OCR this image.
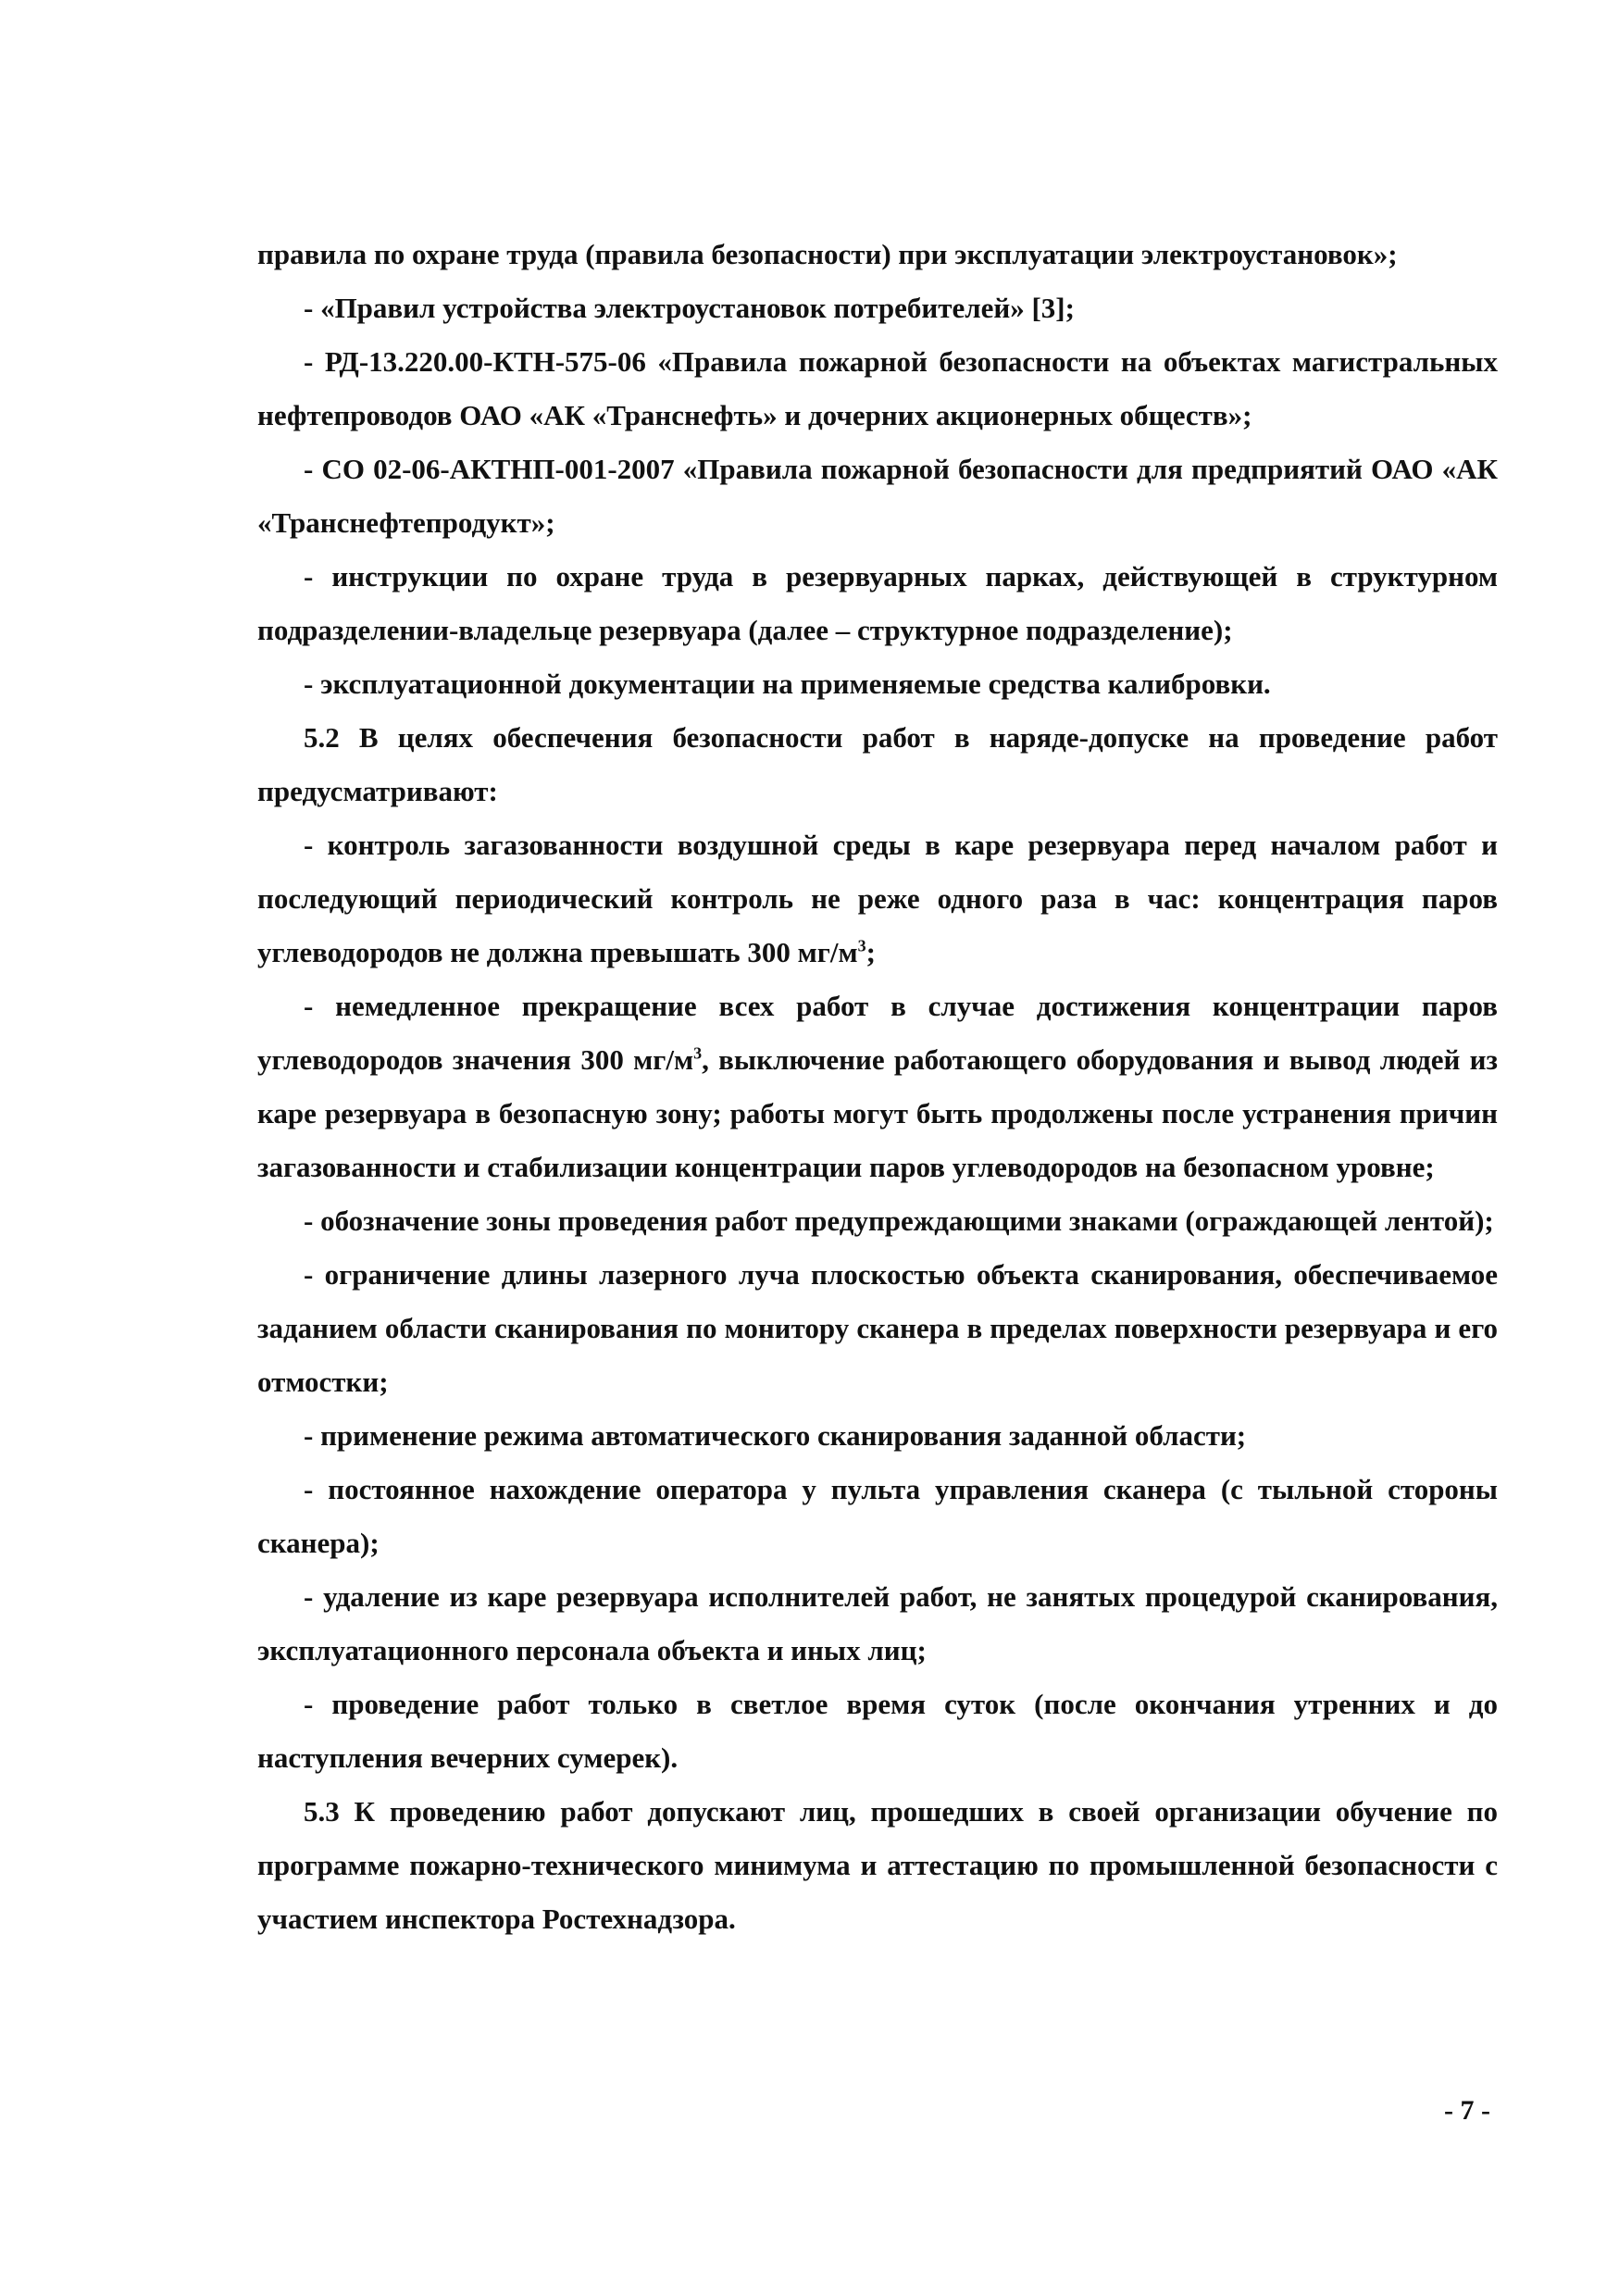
правила по охране труда (правила безопасности) при эксплуатации электроустановок»;

- «Правил устройства электроустановок потребителей» [3];

- РД-13.220.00-КТН-575-06 «Правила пожарной безопасности на объектах магистральных нефтепроводов ОАО «АК «Транснефть» и дочерних акционерных обществ»;

- СО 02-06-АКТНП-001-2007 «Правила пожарной безопасности для предприятий ОАО «АК «Транснефтепродукт»;

- инструкции по охране труда в резервуарных парках, действующей в структурном подразделении-владельце резервуара (далее – структурное подразделение);

- эксплуатационной документации на применяемые средства калибровки.

5.2 В целях обеспечения безопасности работ в наряде-допуске на проведение работ предусматривают:

- контроль загазованности воздушной среды в каре резервуара перед началом работ и последующий периодический контроль не реже одного раза в час: концентрация паров углеводородов не должна превышать 300 $мг/м^3$;

- немедленное прекращение всех работ в случае достижения концентрации паров углеводородов значения 300 $мг/м^3$, выключение работающего оборудования и вывод людей из каре резервуара в безопасную зону; работы могут быть продолжены после устранения причин загазованности и стабилизации концентрации паров углеводородов на безопасном уровне;

- обозначение зоны проведения работ предупреждающими знаками (ограждающей лентой);

- ограничение длины лазерного луча плоскостью объекта сканирования, обеспечиваемое заданием области сканирования по монитору сканера в пределах поверхности резервуара и его отмостки;

- применение режима автоматического сканирования заданной области;

- постоянное нахождение оператора у пульта управления сканера (с тыльной стороны сканера);

- удаление из каре резервуара исполнителей работ, не занятых процедурой сканирования, эксплуатационного персонала объекта и иных лиц;

- проведение работ только в светлое время суток (после окончания утренних и до наступления вечерних сумерек).

5.3 К проведению работ допускают лиц, прошедших в своей организации обучение по программе пожарно-технического минимума и аттестацию по промышленной безопасности с участием инспектора Ростехнадзора.

- 7 -
